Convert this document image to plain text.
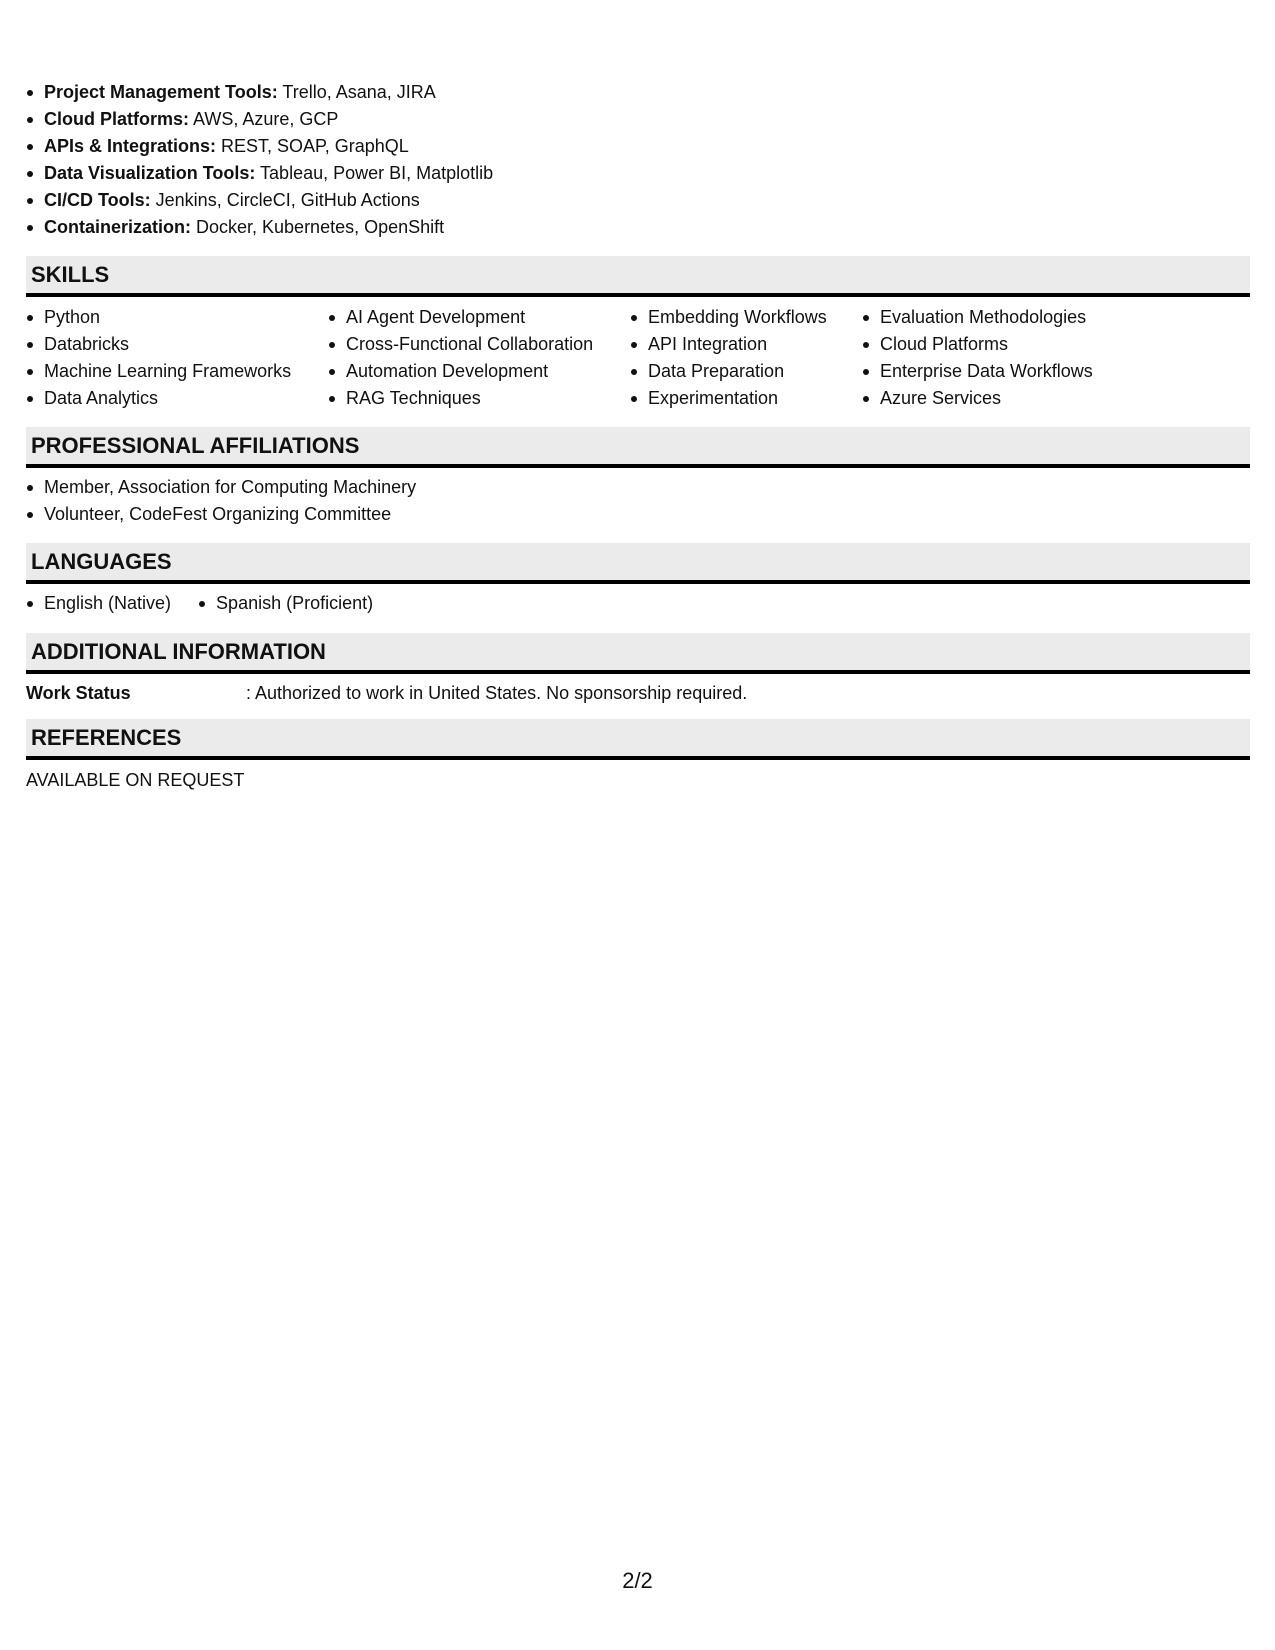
Project Management Tools: Trello, Asana, JIRA
Cloud Platforms: AWS, Azure, GCP
APIs & Integrations: REST, SOAP, GraphQL
Data Visualization Tools: Tableau, Power BI, Matplotlib
CI/CD Tools: Jenkins, CircleCI, GitHub Actions
Containerization: Docker, Kubernetes, OpenShift
SKILLS
Python
Databricks
Machine Learning Frameworks
Data Analytics
AI Agent Development
Cross-Functional Collaboration
Automation Development
RAG Techniques
Embedding Workflows
API Integration
Data Preparation
Experimentation
Evaluation Methodologies
Cloud Platforms
Enterprise Data Workflows
Azure Services
PROFESSIONAL AFFILIATIONS
Member, Association for Computing Machinery
Volunteer, CodeFest Organizing Committee
LANGUAGES
English (Native)	Spanish (Proficient)
ADDITIONAL INFORMATION
Work Status	: Authorized to work in United States. No sponsorship required.
REFERENCES
AVAILABLE ON REQUEST
2/2
